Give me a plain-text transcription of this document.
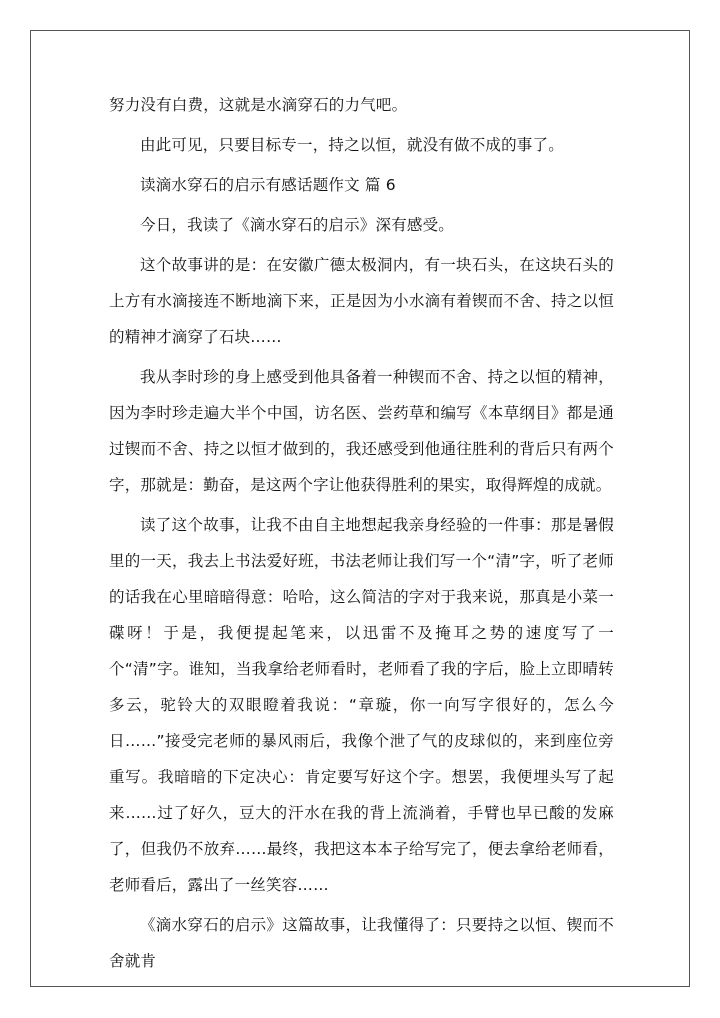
努力没有白费，这就是水滴穿石的力气吧。

由此可见，只要目标专一，持之以恒，就没有做不成的事了。

读滴水穿石的启示有感话题作文 篇 6

今日，我读了《滴水穿石的启示》深有感受。

这个故事讲的是：在安徽广德太极洞内，有一块石头，在这块石头的上方有水滴接连不断地滴下来，正是因为小水滴有着锲而不舍、持之以恒的精神才滴穿了石块……

我从李时珍的身上感受到他具备着一种锲而不舍、持之以恒的精神，因为李时珍走遍大半个中国，访名医、尝药草和编写《本草纲目》都是通过锲而不舍、持之以恒才做到的，我还感受到他通往胜利的背后只有两个字，那就是：勤奋，是这两个字让他获得胜利的果实，取得辉煌的成就。

读了这个故事，让我不由自主地想起我亲身经验的一件事：那是暑假里的一天，我去上书法爱好班，书法老师让我们写一个“清”字，听了老师的话我在心里暗暗得意：哈哈，这么简洁的字对于我来说，那真是小菜一碟呀！于是，我便提起笔来，以迅雷不及掩耳之势的速度写了一个“清”字。谁知，当我拿给老师看时，老师看了我的字后，脸上立即晴转多云，驼铃大的双眼瞪着我说：“章璇，你一向写字很好的，怎么今日……”接受完老师的暴风雨后，我像个泄了气的皮球似的，来到座位旁重写。我暗暗的下定决心：肯定要写好这个字。想罢，我便埋头写了起来……过了好久，豆大的汗水在我的背上流淌着，手臂也早已酸的发麻了，但我仍不放弃……最终，我把这本本子给写完了，便去拿给老师看，老师看后，露出了一丝笑容……

《滴水穿石的启示》这篇故事，让我懂得了：只要持之以恒、锲而不舍就肯
